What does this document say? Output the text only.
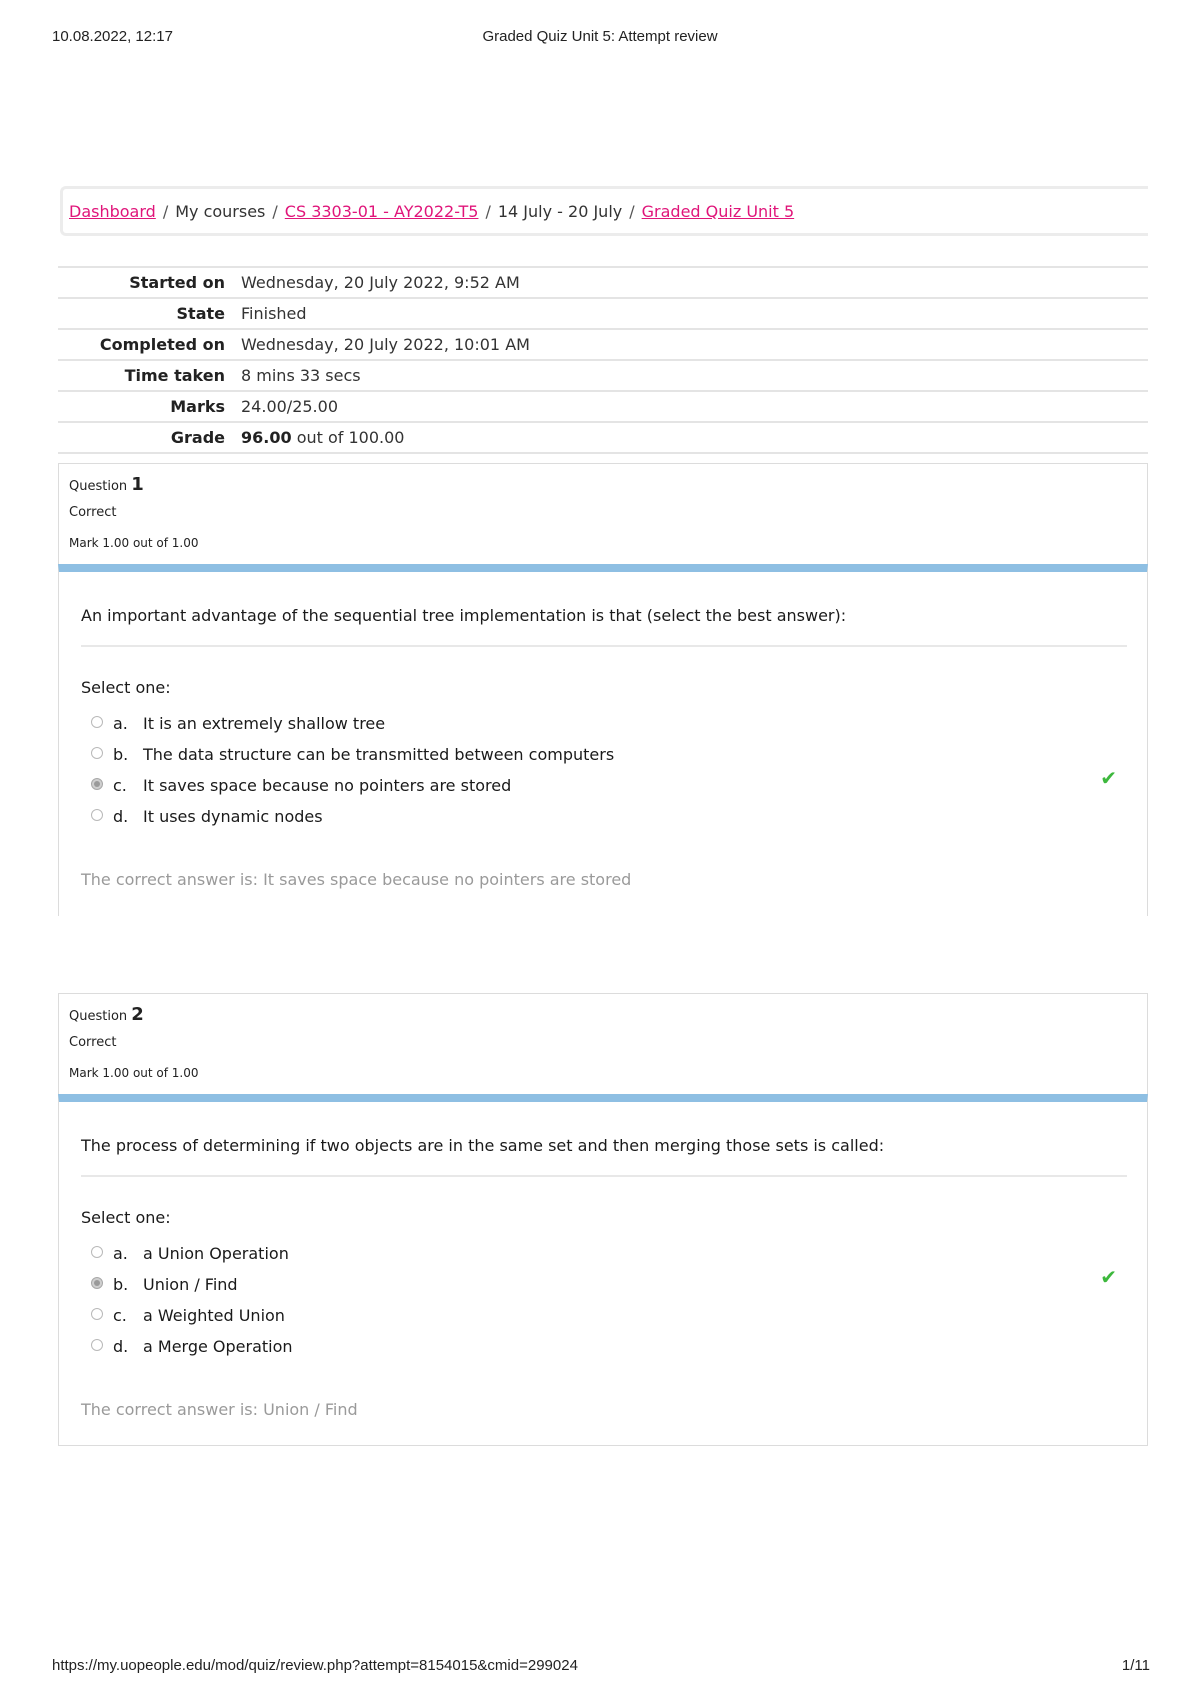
10.08.2022, 12:17	Graded Quiz Unit 5: Attempt review
Dashboard / My courses / CS 3303-01 - AY2022-T5 / 14 July - 20 July / Graded Quiz Unit 5
Started on	Wednesday, 20 July 2022, 9:52 AM
State	Finished
Completed on	Wednesday, 20 July 2022, 10:01 AM
Time taken	8 mins 33 secs
Marks	24.00/25.00
Grade	96.00 out of 100.00
Question 1
Correct
Mark 1.00 out of 1.00
An important advantage of the sequential tree implementation is that (select the best answer):
Select one:
a. It is an extremely shallow tree
b. The data structure can be transmitted between computers
c.	It saves space because no pointers are stored
d. It uses dynamic nodes
✔
The correct answer is: It saves space because no pointers are stored
Question 2
Correct
Mark 1.00 out of 1.00
The process of determining if two objects are in the same set and then merging those sets is called:
Select one:
a. a Union Operation
b. Union / Find
c.	a Weighted Union
d. a Merge Operation
✔
The correct answer is: Union / Find
https://my.uopeople.edu/mod/quiz/review.php?attempt=8154015&cmid=299024	1/11
